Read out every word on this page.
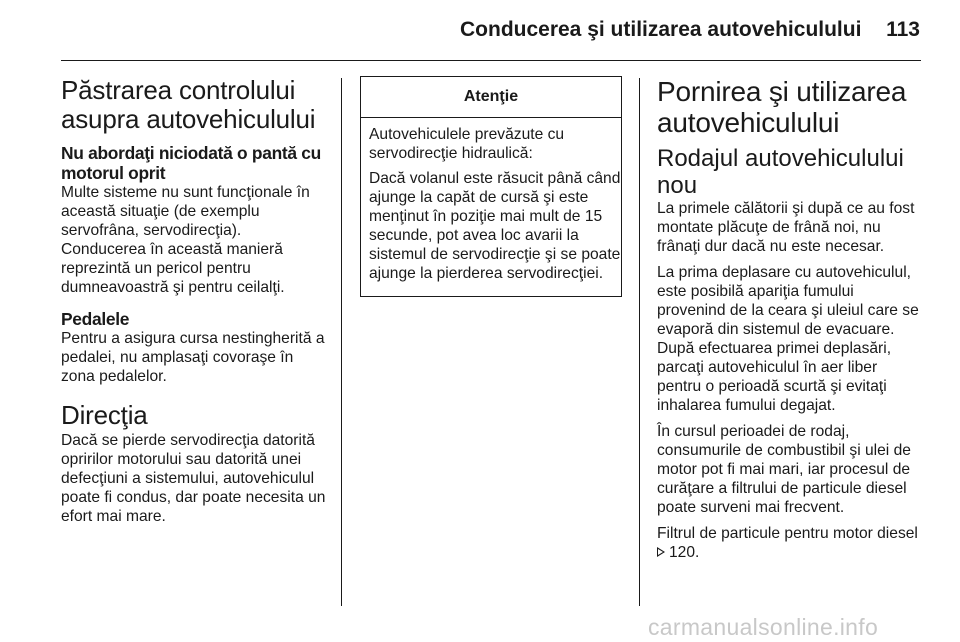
Conducerea şi utilizarea autovehiculului	113
Păstrarea controlului asupra autovehiculului
Nu abordaţi niciodată o pantă cu motorul oprit

Multe sisteme nu sunt funcţionale în această situaţie (de exemplu servofrâna, servodirecţia). Conducerea în această manieră reprezintă un pericol pentru dumneavoastră şi pentru ceilalţi.

Pedalele

Pentru a asigura cursa nestingherită a pedalei, nu amplasaţi covoraşe în zona pedalelor.

Direcţia

Dacă se pierde servodirecţia datorită opririlor motorului sau datorită unei defecţiuni a sistemului, autovehiculul poate fi condus, dar poate necesita un efort mai mare.

Atenţie

Autovehiculele prevăzute cu servodirecţie hidraulică:

Dacă volanul este răsucit până când ajunge la capăt de cursă şi este menţinut în poziţie mai mult de 15 secunde, pot avea loc avarii la sistemul de servodirecţie şi se poate ajunge la pierderea servodirecţiei.

Pornirea şi utilizarea autovehiculului
Rodajul autovehiculului nou

La primele călătorii şi după ce au fost montate plăcuţe de frână noi, nu frânaţi dur dacă nu este necesar.

La prima deplasare cu autovehiculul, este posibilă apariţia fumului provenind de la ceara şi uleiul care se evaporă din sistemul de evacuare. După efectuarea primei deplasări, parcaţi autovehiculul în aer liber pentru o perioadă scurtă şi evitaţi inhalarea fumului degajat.

În cursul perioadei de rodaj, consumurile de combustibil şi ulei de motor pot fi mai mari, iar procesul de curăţare a filtrului de particule diesel poate surveni mai frecvent.

Filtrul de particule pentru motor diesel
120.

carmanualsonline.info
